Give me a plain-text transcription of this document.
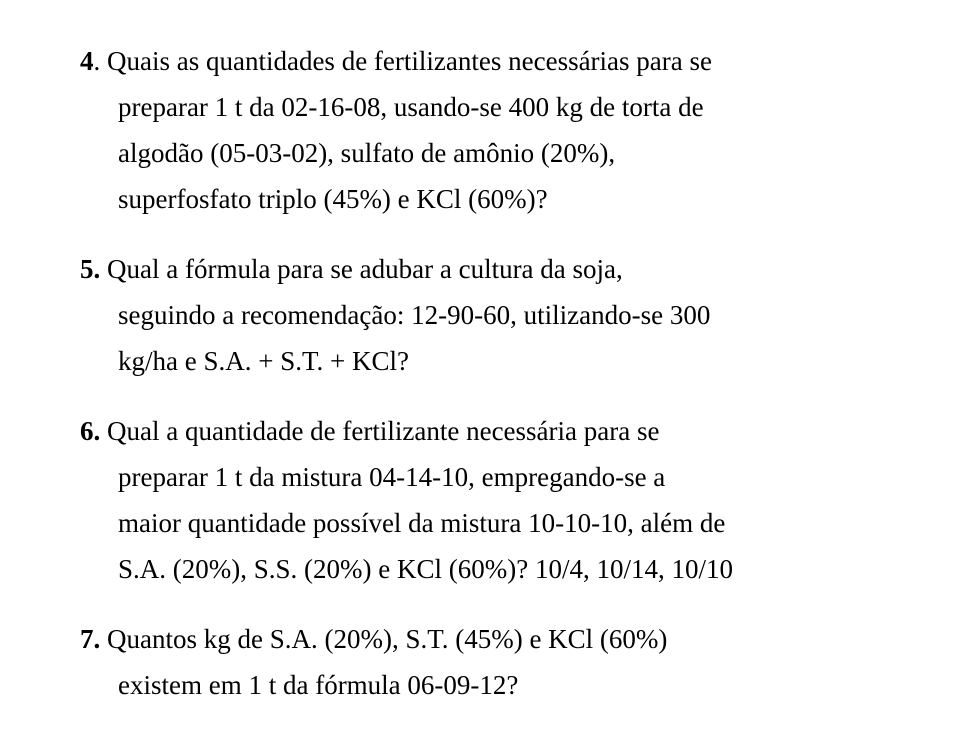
4. Quais as quantidades de fertilizantes necessárias para se
preparar 1 t da 02-16-08, usando-se 400 kg de torta de
algodão (05-03-02), sulfato de amônio (20%),
superfosfato triplo (45%) e KCl (60%)?
5. Qual a fórmula para se adubar a cultura da soja,
seguindo a recomendação: 12-90-60, utilizando-se 300
kg/ha e S.A. + S.T. + KCl?
6. Qual a quantidade de fertilizante necessária para se
preparar 1 t da mistura 04-14-10, empregando-se a
maior quantidade possível da mistura 10-10-10, além de
S.A. (20%), S.S. (20%) e KCl (60%)? 10/4, 10/14, 10/10
7. Quantos kg de S.A. (20%), S.T. (45%) e KCl (60%)
existem em 1 t da fórmula 06-09-12?
